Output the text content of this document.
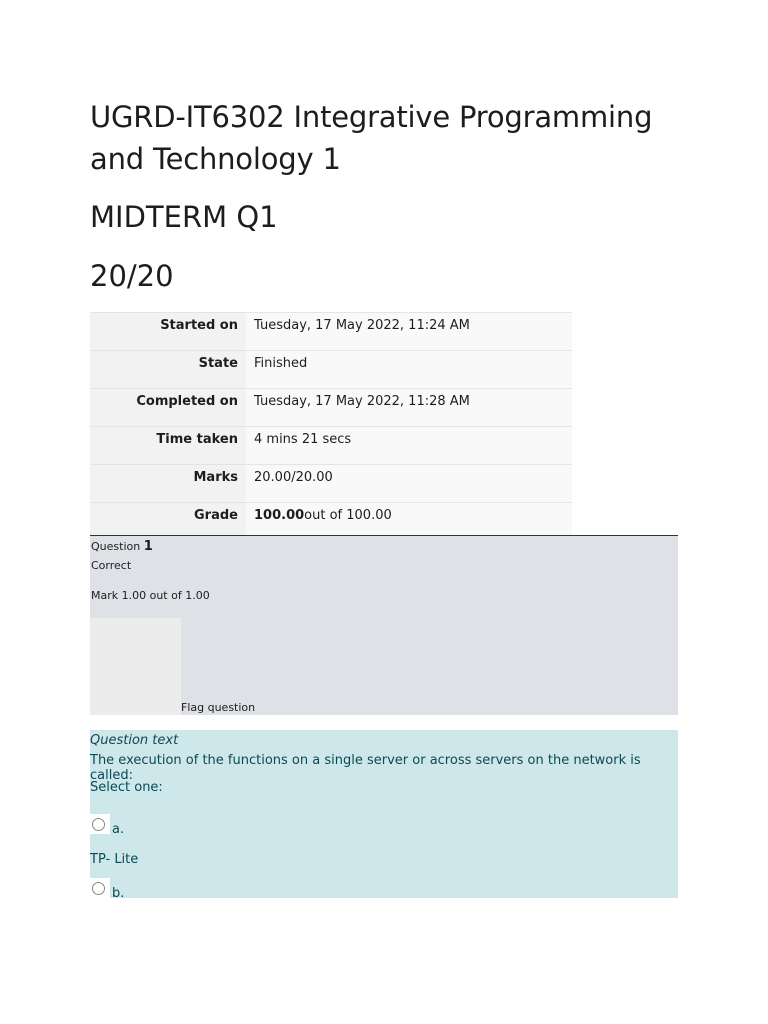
UGRD-IT6302 Integrative Programming and Technology 1
MIDTERM Q1
20/20
Started on	Tuesday, 17 May 2022, 11:24 AM
State	Finished
Completed on	Tuesday, 17 May 2022, 11:28 AM
Time taken	4 mins 21 secs
Marks	20.00/20.00
Grade	100.00out of 100.00
Question 1
Correct
Mark 1.00 out of 1.00
Flag question
Question text
The execution of the functions on a single server or across servers on the network is called:
Select one:
a.
TP- Lite
b.
